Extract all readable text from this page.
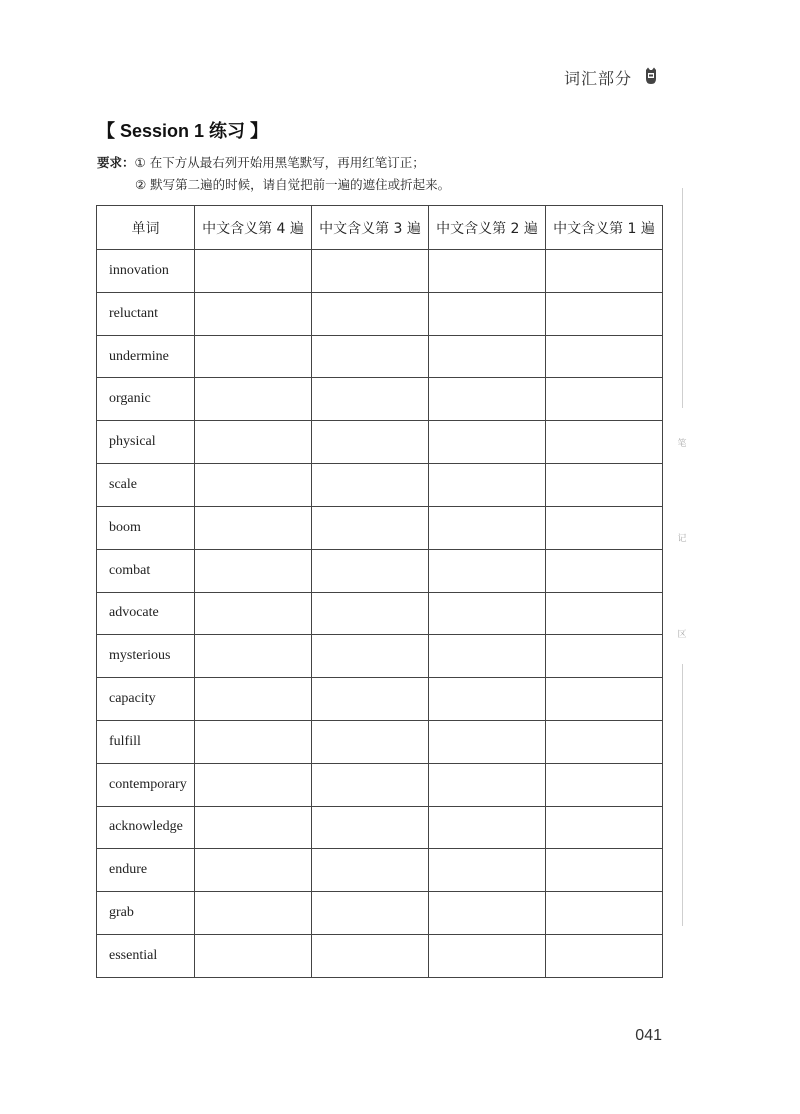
词汇部分
【 Session 1 练习 】
要求：① 在下方从最右列开始用黑笔默写，再用红笔订正；
② 默写第二遍的时候，请自觉把前一遍的遮住或折起来。
笔
记
区
单词	中文含义第 4 遍	中文含义第 3 遍	中文含义第 2 遍	中文含义第 1 遍
innovation				
reluctant				
undermine				
organic				
physical				
scale				
boom				
combat				
advocate				
mysterious				
capacity				
fulfill				
contemporary				
acknowledge				
endure				
grab				
essential				
041
